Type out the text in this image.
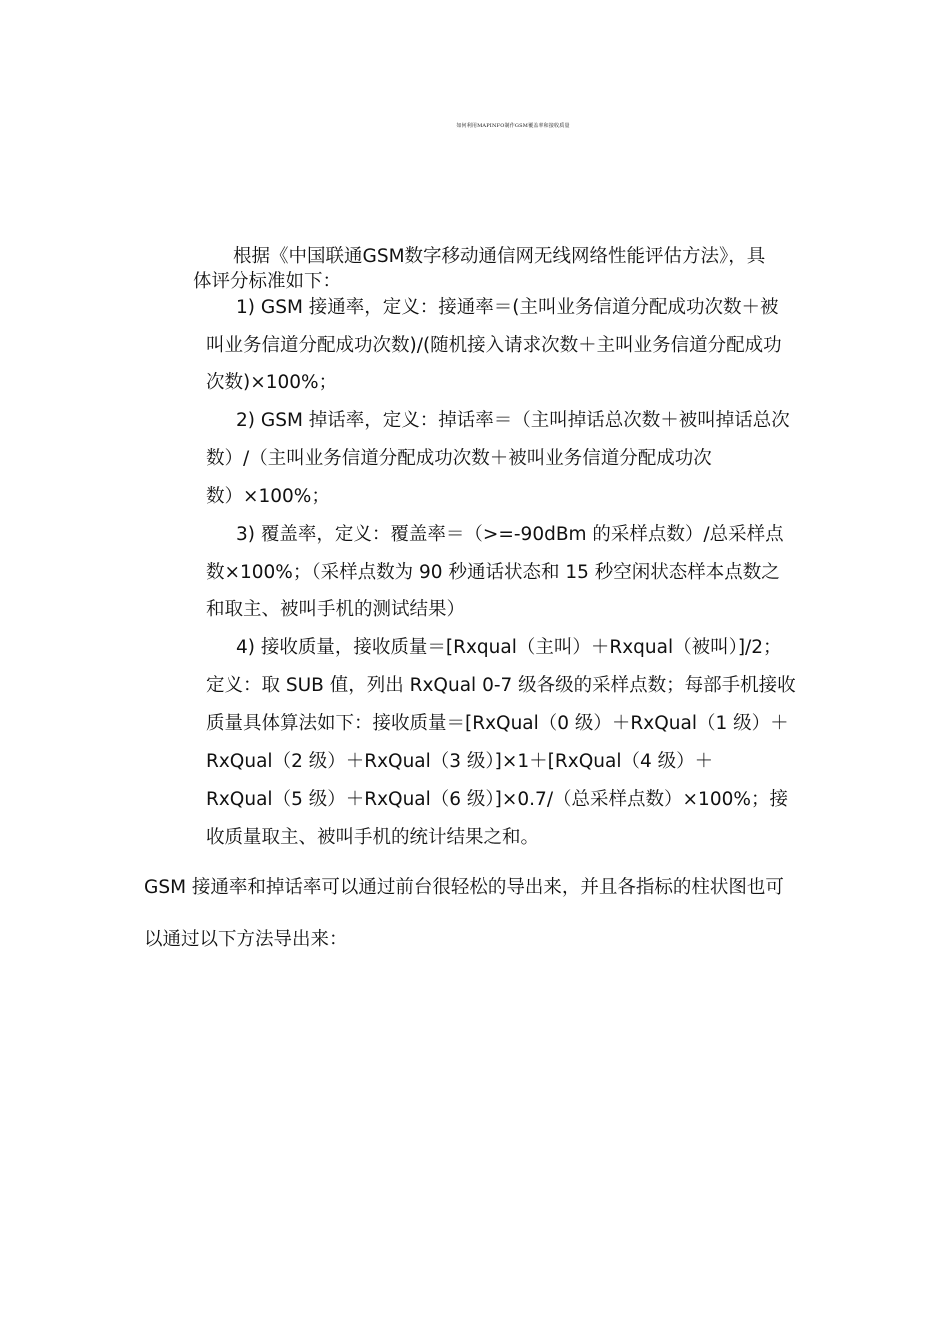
如何利用MAPINFO制作GSM覆盖率和接收质量
根据《中国联通GSM数字移动通信网无线网络性能评估方法》，具
体评分标准如下：
1) GSM 接通率，定义：接通率＝(主叫业务信道分配成功次数＋被
叫业务信道分配成功次数)/(随机接入请求次数＋主叫业务信道分配成功
次数)×100%；
2) GSM 掉话率，定义：掉话率＝（主叫掉话总次数＋被叫掉话总次
数）/（主叫业务信道分配成功次数＋被叫业务信道分配成功次
数）×100%；
3) 覆盖率，定义：覆盖率＝（>=-90dBm 的采样点数）/总采样点
数×100%；（采样点数为 90 秒通话状态和 15 秒空闲状态样本点数之
和取主、被叫手机的测试结果）
4) 接收质量，接收质量＝[Rxqual（主叫）＋Rxqual（被叫）]/2；
定义：取 SUB 值，列出 RxQual 0-7 级各级的采样点数；每部手机接收
质量具体算法如下：接收质量＝[RxQual（0 级）＋RxQual（1 级）＋
RxQual（2 级）＋RxQual（3 级）]×1＋[RxQual（4 级）＋
RxQual（5 级）＋RxQual（6 级）]×0.7/（总采样点数）×100%；接
收质量取主、被叫手机的统计结果之和。
GSM 接通率和掉话率可以通过前台很轻松的导出来，并且各指标的柱状图也可
以通过以下方法导出来：
